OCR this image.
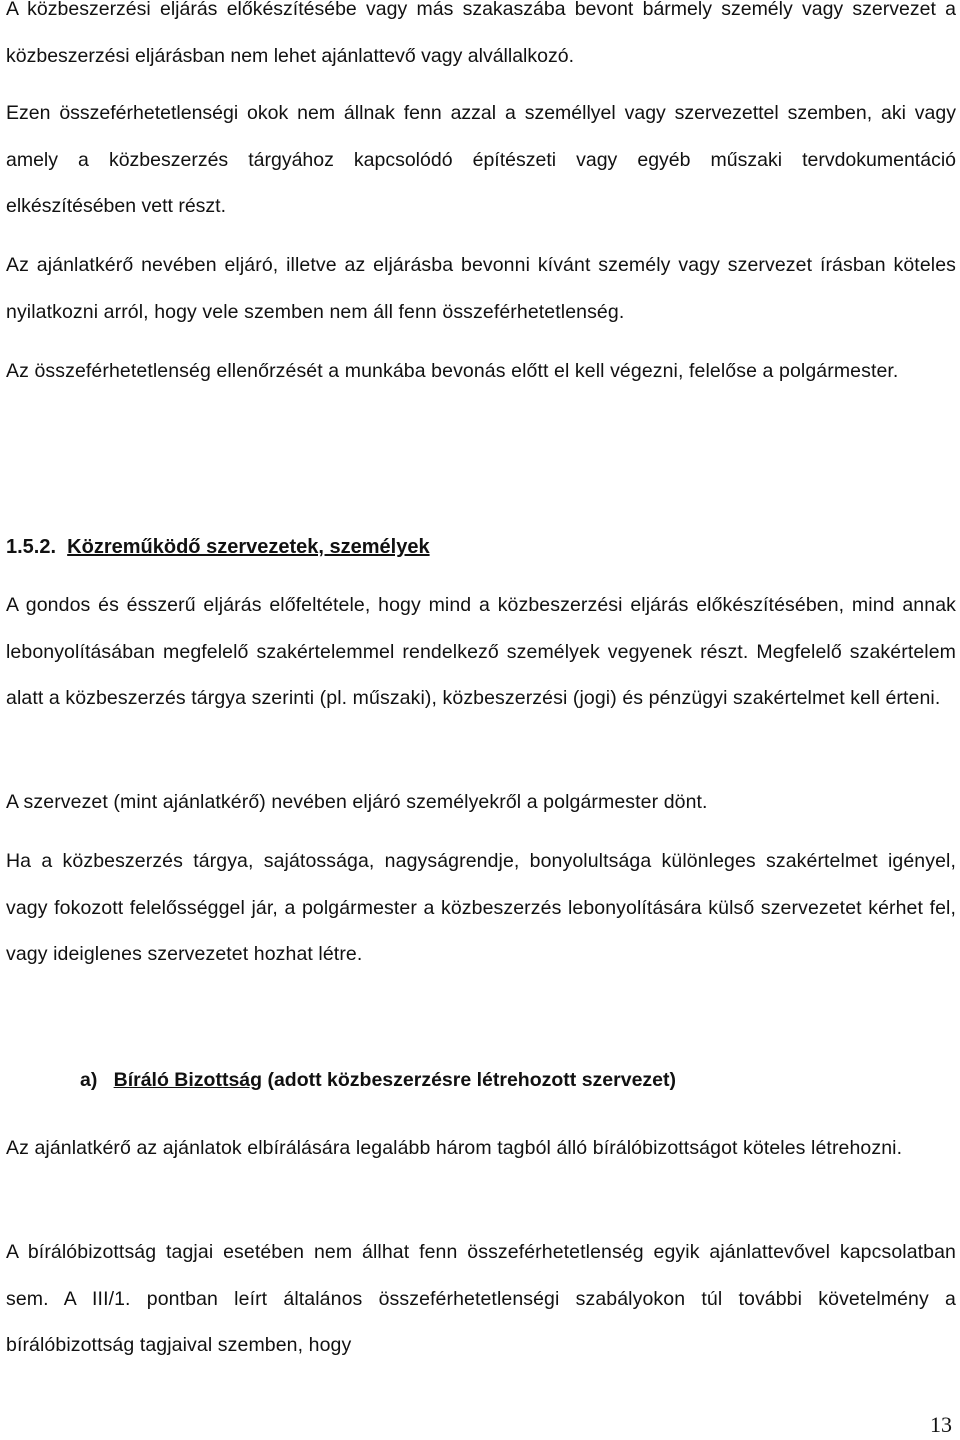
A közbeszerzési eljárás előkészítésébe vagy más szakaszába bevont bármely személy vagy szervezet a közbeszerzési eljárásban nem lehet ajánlattevő vagy alvállalkozó.

Ezen összeférhetetlenségi okok nem állnak fenn azzal a személlyel vagy szervezettel szemben, aki vagy amely a közbeszerzés tárgyához kapcsolódó építészeti vagy egyéb műszaki tervdokumentáció elkészítésében vett részt.

Az ajánlatkérő nevében eljáró, illetve az eljárásba bevonni kívánt személy vagy szervezet írásban köteles nyilatkozni arról, hogy vele szemben nem áll fenn összeférhetetlenség.

Az összeférhetetlenség ellenőrzését a munkába bevonás előtt el kell végezni, felelőse a polgármester.

1.5.2. Közreműködő szervezetek, személyek

A gondos és ésszerű eljárás előfeltétele, hogy mind a közbeszerzési eljárás előkészítésében, mind annak lebonyolításában megfelelő szakértelemmel rendelkező személyek vegyenek részt. Megfelelő szakértelem alatt a közbeszerzés tárgya szerinti (pl. műszaki), közbeszerzési (jogi) és pénzügyi szakértelmet kell érteni.

A szervezet (mint ajánlatkérő) nevében eljáró személyekről a polgármester dönt.

Ha a közbeszerzés tárgya, sajátossága, nagyságrendje, bonyolultsága különleges szakértelmet igényel, vagy fokozott felelősséggel jár, a polgármester a közbeszerzés lebonyolítására külső szervezetet kérhet fel, vagy ideiglenes szervezetet hozhat létre.

a) Bíráló Bizottság (adott közbeszerzésre létrehozott szervezet)

Az ajánlatkérő az ajánlatok elbírálására legalább három tagból álló bírálóbizottságot köteles létrehozni.

A bírálóbizottság tagjai esetében nem állhat fenn összeférhetetlenség egyik ajánlattevővel kapcsolatban sem. A III/1. pontban leírt általános összeférhetetlenségi szabályokon túl további követelmény a bírálóbizottság tagjaival szemben, hogy

13
